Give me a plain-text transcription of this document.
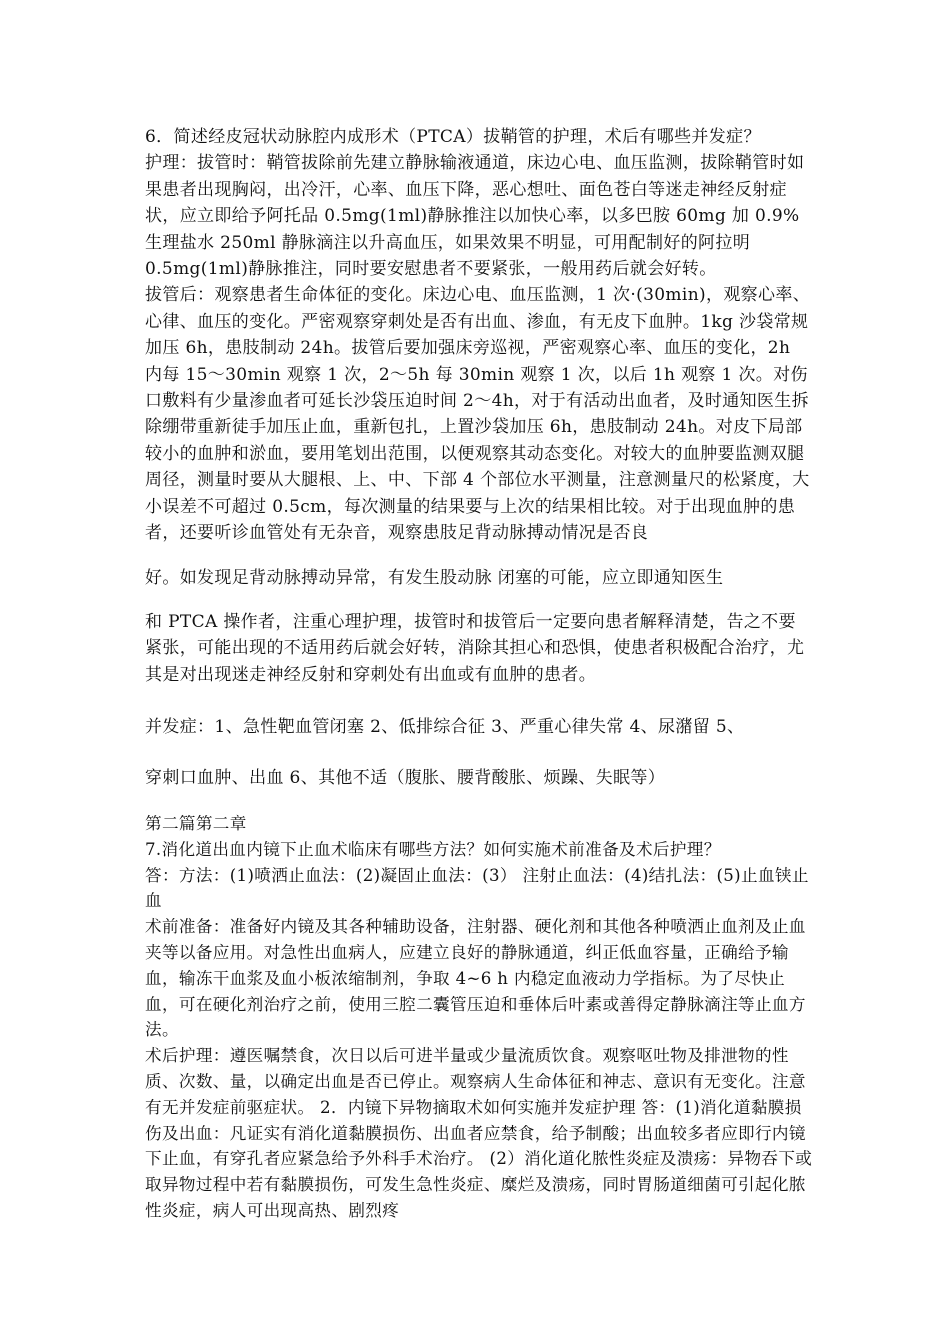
6．简述经皮冠状动脉腔内成形术（PTCA）拔鞘管的护理，术后有哪些并发症？

护理：拔管时：鞘管拔除前先建立静脉输液通道，床边心电、血压监测，拔除鞘管时如果患者出现胸闷，出冷汗，心率、血压下降，恶心想吐、面色苍白等迷走神经反射症状，应立即给予阿托品 0.5mg(1ml)静脉推注以加快心率，以多巴胺 60mg 加 0.9%生理盐水 250ml 静脉滴注以升高血压，如果效果不明显，可用配制好的阿拉明 0.5mg(1ml)静脉推注，同时要安慰患者不要紧张，一般用药后就会好转。

拔管后：观察患者生命体征的变化。床边心电、血压监测，1 次·(30min)，观察心率、心律、血压的变化。严密观察穿刺处是否有出血、渗血，有无皮下血肿。1kg 沙袋常规加压 6h，患肢制动 24h。拔管后要加强床旁巡视，严密观察心率、血压的变化，2h 内每 15～30min 观察 1 次，2～5h 每 30min 观察 1 次，以后 1h 观察 1 次。对伤口敷料有少量渗血者可延长沙袋压迫时间 2～4h，对于有活动出血者，及时通知医生拆除绷带重新徒手加压止血，重新包扎，上置沙袋加压 6h，患肢制动 24h。对皮下局部较小的血肿和淤血，要用笔划出范围，以便观察其动态变化。对较大的血肿要监测双腿周径，测量时要从大腿根、上、中、下部 4 个部位水平测量，注意测量尺的松紧度，大小误差不可超过 0.5cm，每次测量的结果要与上次的结果相比较。对于出现血肿的患者，还要听诊血管处有无杂音，观察患肢足背动脉搏动情况是否良

好。如发现足背动脉搏动异常，有发生股动脉 闭塞的可能，应立即通知医生

和 PTCA 操作者，注重心理护理，拔管时和拔管后一定要向患者解释清楚，告之不要紧张，可能出现的不适用药后就会好转，消除其担心和恐惧，使患者积极配合治疗，尤其是对出现迷走神经反射和穿刺处有出血或有血肿的患者。

并发症：1、急性靶血管闭塞 2、低排综合征 3、严重心律失常 4、尿潴留 5、

穿刺口血肿、出血 6、其他不适（腹胀、腰背酸胀、烦躁、失眠等）

第二篇第二章

7.消化道出血内镜下止血术临床有哪些方法？如何实施术前准备及术后护理？

答：方法：(1)喷洒止血法：(2)凝固止血法：(3） 注射止血法：(4)结扎法：(5)止血铗止血

术前准备：准备好内镜及其各种辅助设备，注射器、硬化剂和其他各种喷洒止血剂及止血夹等以备应用。对急性出血病人，应建立良好的静脉通道，纠正低血容量，正确给予输血，输冻干血浆及血小板浓缩制剂，争取 4~6 h 内稳定血液动力学指标。为了尽快止血，可在硬化剂治疗之前，使用三腔二囊管压迫和垂体后叶素或善得定静脉滴注等止血方法。

术后护理：遵医嘱禁食，次日以后可进半量或少量流质饮食。观察呕吐物及排泄物的性质、次数、量，以确定出血是否已停止。观察病人生命体征和神志、意识有无变化。注意有无并发症前驱症状。 2．内镜下异物摘取术如何实施并发症护理 答：(1)消化道黏膜损伤及出血：凡证实有消化道黏膜损伤、出血者应禁食，给予制酸；出血较多者应即行内镜下止血，有穿孔者应紧急给予外科手术治疗。 (2）消化道化脓性炎症及溃疡：异物吞下或取异物过程中若有黏膜损伤，可发生急性炎症、糜烂及溃疡，同时胃肠道细菌可引起化脓性炎症，病人可出现高热、剧烈疼
